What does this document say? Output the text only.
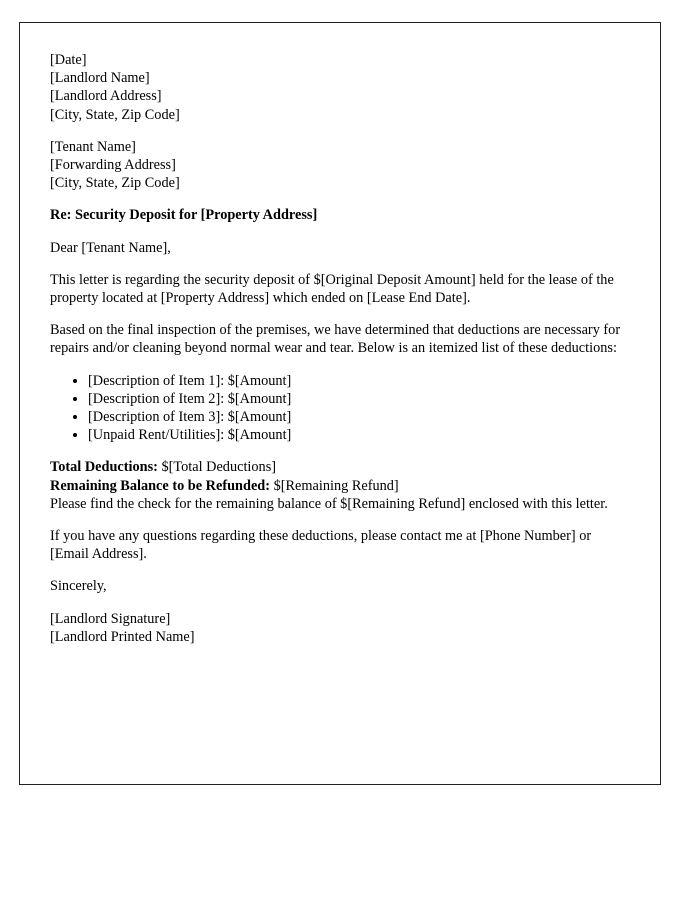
[Date]
[Landlord Name]
[Landlord Address]
[City, State, Zip Code]
[Tenant Name]
[Forwarding Address]
[City, State, Zip Code]
Re: Security Deposit for [Property Address]
Dear [Tenant Name],
This letter is regarding the security deposit of $[Original Deposit Amount] held for the lease of the property located at [Property Address] which ended on [Lease End Date].
Based on the final inspection of the premises, we have determined that deductions are necessary for repairs and/or cleaning beyond normal wear and tear. Below is an itemized list of these deductions:
• [Description of Item 1]: $[Amount]
• [Description of Item 2]: $[Amount]
• [Description of Item 3]: $[Amount]
• [Unpaid Rent/Utilities]: $[Amount]
Total Deductions: $[Total Deductions]
Remaining Balance to be Refunded: $[Remaining Refund]
Please find the check for the remaining balance of $[Remaining Refund] enclosed with this letter.
If you have any questions regarding these deductions, please contact me at [Phone Number] or [Email Address].
Sincerely,
[Landlord Signature]
[Landlord Printed Name]
